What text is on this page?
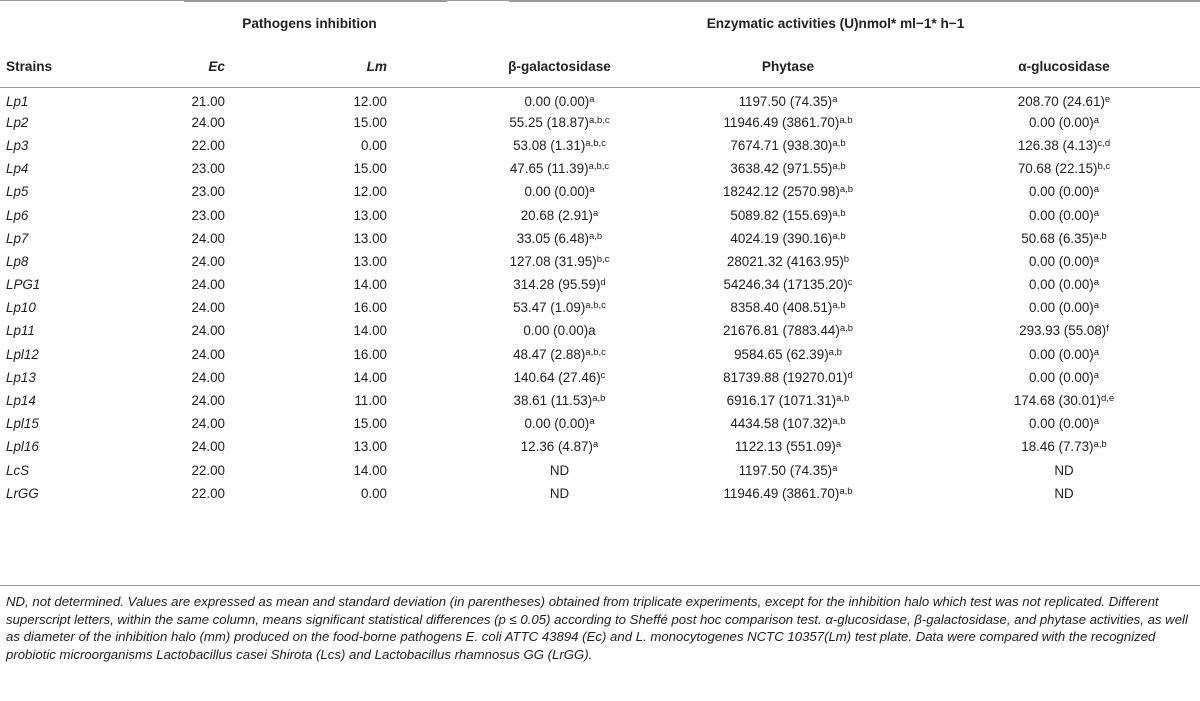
	Pathogens inhibition		Enzymatic activities (U)nmol* ml−1* h−1		

Strains	Ec	Lm	β-galactosidase	Phytase	α-glucosidase
Lp1	21.00	12.00	0.00 $(0.00)^a$	1197.50 $(74.35)^a$	208.70 $(24.61)^e$
Lp2	24.00	15.00	55.25 $(18.87)^{a,b,c}$	11946.49 $(3861.70)^{a,b}$	0.00 $(0.00)^a$
Lp3	22.00	0.00	53.08 $(1.31)^{a,b,c}$	7674.71 $(938.30)^{a,b}$	126.38 $(4.13)^{c,d}$
Lp4	23.00	15.00	47.65 $(11.39)^{a,b,c}$	3638.42 $(971.55)^{a,b}$	70.68 $(22.15)^{b,c}$
Lp5	23.00	12.00	0.00 $(0.00)^a$	18242.12 $(2570.98)^{a,b}$	0.00 $(0.00)^a$
Lp6	23.00	13.00	20.68 $(2.91)^a$	5089.82 $(155.69)^{a,b}$	0.00 $(0.00)^a$
Lp7	24.00	13.00	33.05 $(6.48)^{a,b}$	4024.19 $(390.16)^{a,b}$	50.68 $(6.35)^{a,b}$
Lp8	24.00	13.00	127.08 $(31.95)^{b,c}$	28021.32 $(4163.95)^b$	0.00 $(0.00)^a$
LPG1	24.00	14.00	314.28 $(95.59)^d$	54246.34 $(17135.20)^c$	0.00 $(0.00)^a$
Lp10	24.00	16.00	53.47 $(1.09)^{a,b,c}$	8358.40 $(408.51)^{a,b}$	0.00 $(0.00)^a$
Lp11	24.00	14.00	0.00 (0.00)a	21676.81 $(7883.44)^{a,b}$	293.93 $(55.08)^f$
Lpl12	24.00	16.00	48.47 $(2.88)^{a,b,c}$	9584.65 $(62.39)^{a,b}$	0.00 $(0.00)^a$
Lp13	24.00	14.00	140.64 $(27.46)^c$	81739.88 $(19270.01)^d$	0.00 $(0.00)^a$
Lp14	24.00	11.00	38.61 $(11.53)^{a,b}$	6916.17 $(1071.31)^{a,b}$	174.68 $(30.01)^{d,e}$
Lpl15	24.00	15.00	0.00 $(0.00)^a$	4434.58 $(107.32)^{a,b}$	0.00 $(0.00)^a$
Lpl16	24.00	13.00	12.36 $(4.87)^a$	1122.13 $(551.09)^a$	18.46 $(7.73)^{a,b}$
LcS	22.00	14.00	ND	1197.50 $(74.35)^a$	ND
LrGG	22.00	0.00	ND	11946.49 $(3861.70)^{a,b}$	ND
ND, not determined. Values are expressed as mean and standard deviation (in parentheses) obtained from triplicate experiments, except for the inhibition halo which test was not replicated. Different superscript letters, within the same column, means significant statistical differences (p ≤ 0.05) according to Sheffé post hoc comparison test. α-glucosidase, β-galactosidase, and phytase activities, as well as diameter of the inhibition halo (mm) produced on the food-borne pathogens E. coli ATTC 43894 (Ec) and L. monocytogenes NCTC 10357(Lm) test plate. Data were compared with the recognized probiotic microorganisms Lactobacillus casei Shirota (Lcs) and Lactobacillus rhamnosus GG (LrGG).
